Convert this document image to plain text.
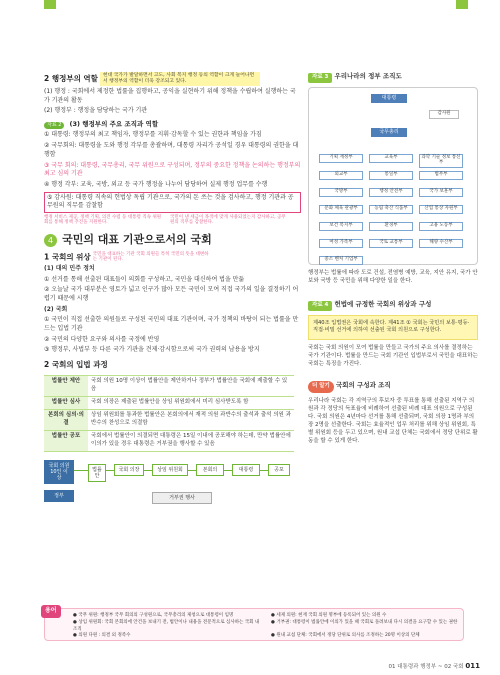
2 행정부의 역할 헌대 국가가 발달하면서 고도, 사회 복지 행정 등의 역할이 크게 늘어나면서 행정부의 역할이 더욱 강조되고 있다.
(1) 행정 : 국회에서 제정한 법률을 집행하고, 공익을 실현하기 위해 정책을 수립하여 실행하는 국가 기관의 활동
(2) 행정부 : 행정을 담당하는 국가 기관
자료 2 (3) 행정부의 주요 조직과 역할
① 대통령: 행정부의 최고 책임자, 행정부를 지휘·감독할 수 있는 권한과 책임을 가짐
② 국무회의: 대통령을 도와 행정 각부를 총괄하며, 대통령 자리가 공석일 경우 대통령의 권한을 대행함
③ 국무 회의: 대통령, 국무총리, 국무 위원으로 구성되며, 정부의 중요한 정책을 논의하는 행정부의 최고 심의 기관
④ 행정 각부: 교육, 국방, 외교 등 국가 행정을 나누어 담당하여 실제 행정 업무를 수행
⑤ 감사원: 대통령 직속의 헌법상 독립 기관으로, 국가의 돈 쓰는 것을 검사하고, 행정 기관과 공무원의 직무를 감찰함
행정 서비스 제공, 정책 기획, 의견 수렴 등 대통령 직속 위원회를 통해 정책 추진을 지원한다.
국민이 낸 세금이 목적에 맞게 사용되었는지 감사하고, 공무원의 직무를 감찰한다.
4 국민의 대표 기관으로서의 국회
1 국회의 위상 국민을 대표하는 기관 국회 의원들 특히 국민의 뜻을 대변하는 기관이 된다.
(1) 대의 민주 정치
① 선거를 통해 선출된 대표들이 의회를 구성하고, 국민을 대신하여 법을 만듦
② 오늘날 국가 대부분은 영토가 넓고 인구가 많아 모든 국민이 모여 직접 국가의 일을 결정하기 어렵기 때문에 시행
(2) 국회
① 국민이 직접 선출한 의원들로 구성된 국민의 대표 기관이며, 국가 정책의 바탕이 되는 법률을 만드는 입법 기관
② 국민의 다양한 요구와 의사를 국정에 반영
③ 행정부, 사법부 등 다른 국가 기관을 견제·감시함으로써 국가 권력의 남용을 방지
2 국회의 입법 과정
법률안 제안	국회 의원 10명 이상이 법률안을 제안하거나 정부가 법률안을 국회에 제출할 수 있음
법률안 심사	국회 의장은 제출된 법률안을 상임 위원회에서 미리 심사받도록 함
본회의 심의·의결	상임 위원회를 통과한 법률안은 본회의에서 재적 의원 과반수의 출석과 출석 의원 과반수의 찬성으로 의결함
법률안 공포	국회에서 법률안이 의결되면 대통령은 15일 이내에 공포해야 하는데, 만약 법률안에 이의가 있을 경우 대통령은 거부권을 행사할 수 있음
국회 의원 10인 이상
정부
법률안
국회 의장	상임 위원회	본회의	대통령	공포
거부권 행사
자료 3 우리나라의 정부 조직도
대통령
감사원
국무총리
기획 재정부	교육부	과학 기술 정보 통신부
외교부	통일부	법무부
국방부	행정 안전부	국가 보훈부
문화 체육 관광부	농림 축산 식품부	산업 통상 자원부
보건 복지부	환경부	고용 노동부
여성 가족부	국토 교통부	해양 수산부
중소 벤처 기업부
행정부는 법률에 따라 도로 건설, 전염병 예방, 교육, 지안 유지, 국가 안보와 국방 등 국민을 위해 다양한 일을 한다.
자료 4 헌법에 규정한 국회의 위상과 구성
제40조 입법권은 국회에 속한다. 제41조 ① 국회는 국민의 보통·평등·직접·비밀 선거에 의하여 선출된 국회 의원으로 구성한다.
국회는 국회 의원이 모여 법률을 만들고 국가의 주요 의사를 결정하는 국가 기관이다. 법률을 만드는 국회 기관인 입법부로서 국민을 대표하는 국회는 특징을 가진다.
더 알기 국회의 구성과 조직
우리나라 국회는 각 지역구의 후보자 중 투표를 통해 선출된 지역구 의원과 각 정당의 득표율에 비례하여 선출된 비례 대표 의원으로 구성된다. 국회 의원은 4년마다 선거를 통해 선출되며, 국회 의장 1명과 부의장 2명을 선출한다. 국회는 효율적인 업무 처리를 위해 상임 위원회, 특별 위원회 등을 두고 있으며, 원내 교섭 단체는 국회에서 정당 단위로 활동을 할 수 있게 한다.
용어
● 국무 위원: 행정부 국무 회의의 구성원으로, 국무총리의 제청으로 대통령이 임명	● 세제 의원: 현재 국회 의원 명부에 등록되어 있는 의원 수
● 상임 위원회: 국회 본회의에 안건을 보내기 전, 법안이나 내용을 전문적으로 심사하는 국회 내 조직
● 거부권: 대통령이 법률안에 이의가 있을 때 국회로 돌려보내 다시 의결을 요구할 수 있는 권한
● 의원 다원 : 의결 외 정족수	● 원내 교섭 단체: 국회에서 정당 단위로 의사를 조정하는 20명 이상의 단체
01 대통령과 행정부 ~ 02 국회 011
